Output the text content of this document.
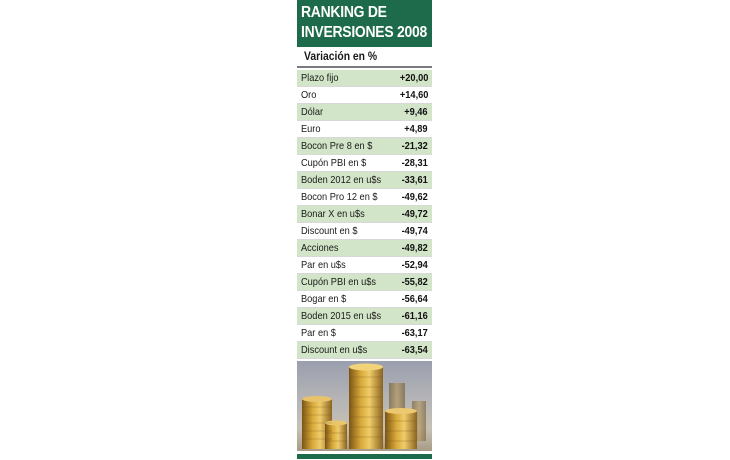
RANKING DE
INVERSIONES 2008
Variación en %
Plazo fijo	+20,00
Oro	+14,60
Dólar	+9,46
Euro	+4,89
Bocon Pre 8 en $	-21,32
Cupón PBI en $	-28,31
Boden 2012 en u$s -33,61
Bocon Pro 12 en $ -49,62
Bonar X en u$s	-49,72
Discount en $	-49,74
Acciones	-49,82
Par en u$s	-52,94
Cupón PBI en u$s -55,82
Bogar en $	-56,64
Boden 2015 en u$s -61,16
Par en $	-63,17
Discount en u$s	-63,54
